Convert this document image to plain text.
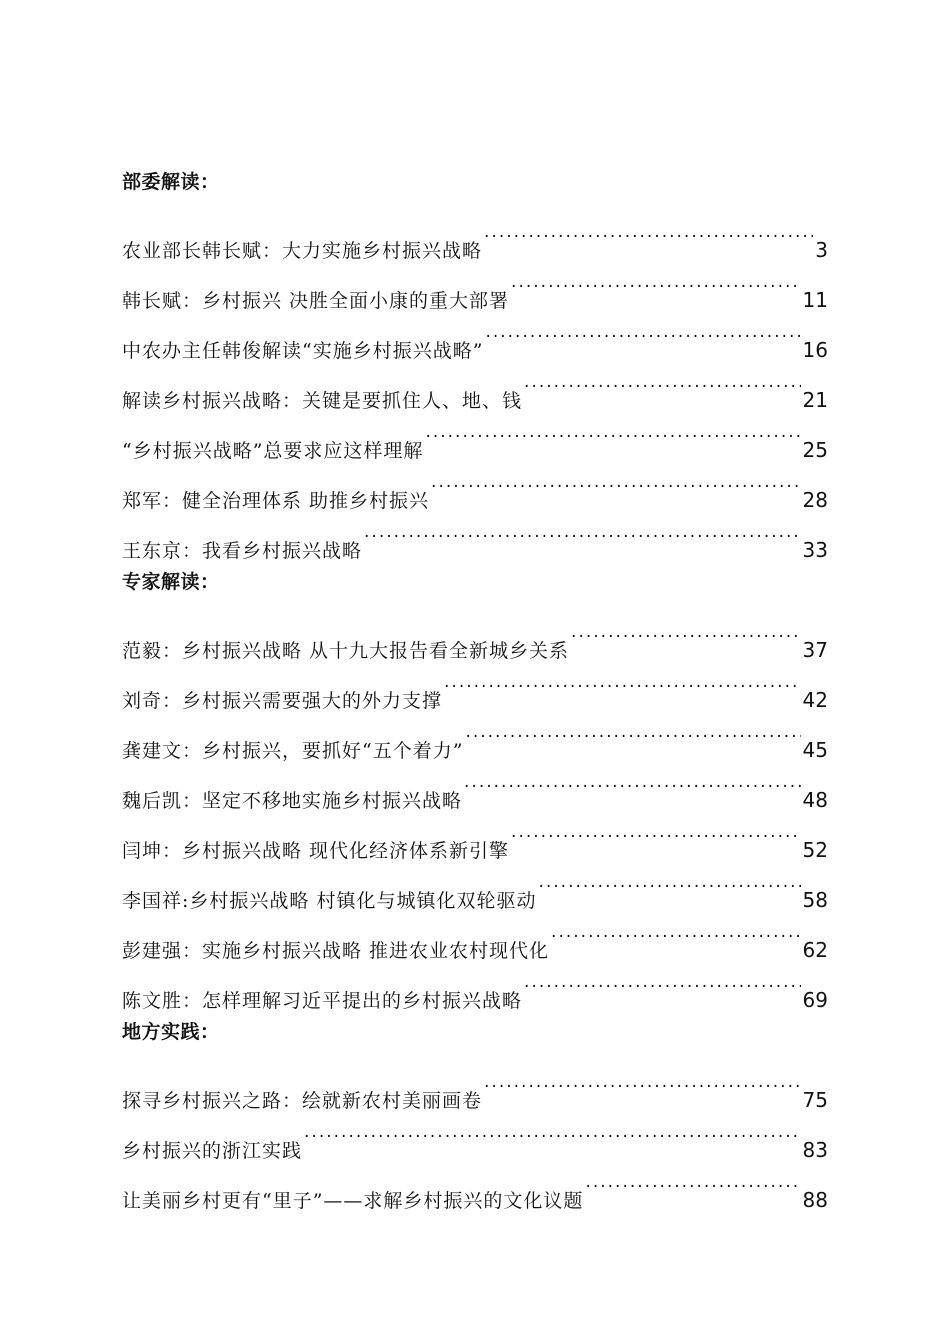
部委解读：
农业部长韩长赋：大力实施乡村振兴战略 .....	3
韩长赋：乡村振兴 决胜全面小康的重大部署 .....	11
中农办主任韩俊解读“实施乡村振兴战略” .....	16
解读乡村振兴战略：关键是要抓住人、地、钱 .....	21
“乡村振兴战略”总要求应这样理解 .....	25
郑军：健全治理体系 助推乡村振兴 .....	28
王东京：我看乡村振兴战略 .....	33
专家解读：
范毅：乡村振兴战略 从十九大报告看全新城乡关系 .....	37
刘奇：乡村振兴需要强大的外力支撑 .....	42
龚建文：乡村振兴，要抓好“五个着力” .....	45
魏后凯：坚定不移地实施乡村振兴战略 .....	48
闫坤：乡村振兴战略 现代化经济体系新引擎 .....	52
李国祥:乡村振兴战略 村镇化与城镇化双轮驱动 .....	58
彭建强：实施乡村振兴战略 推进农业农村现代化 .....	62
陈文胜：怎样理解习近平提出的乡村振兴战略 .....	69
地方实践：
探寻乡村振兴之路：绘就新农村美丽画卷 .....	75
乡村振兴的浙江实践 .....	83
让美丽乡村更有“里子”——求解乡村振兴的文化议题 .....	88
